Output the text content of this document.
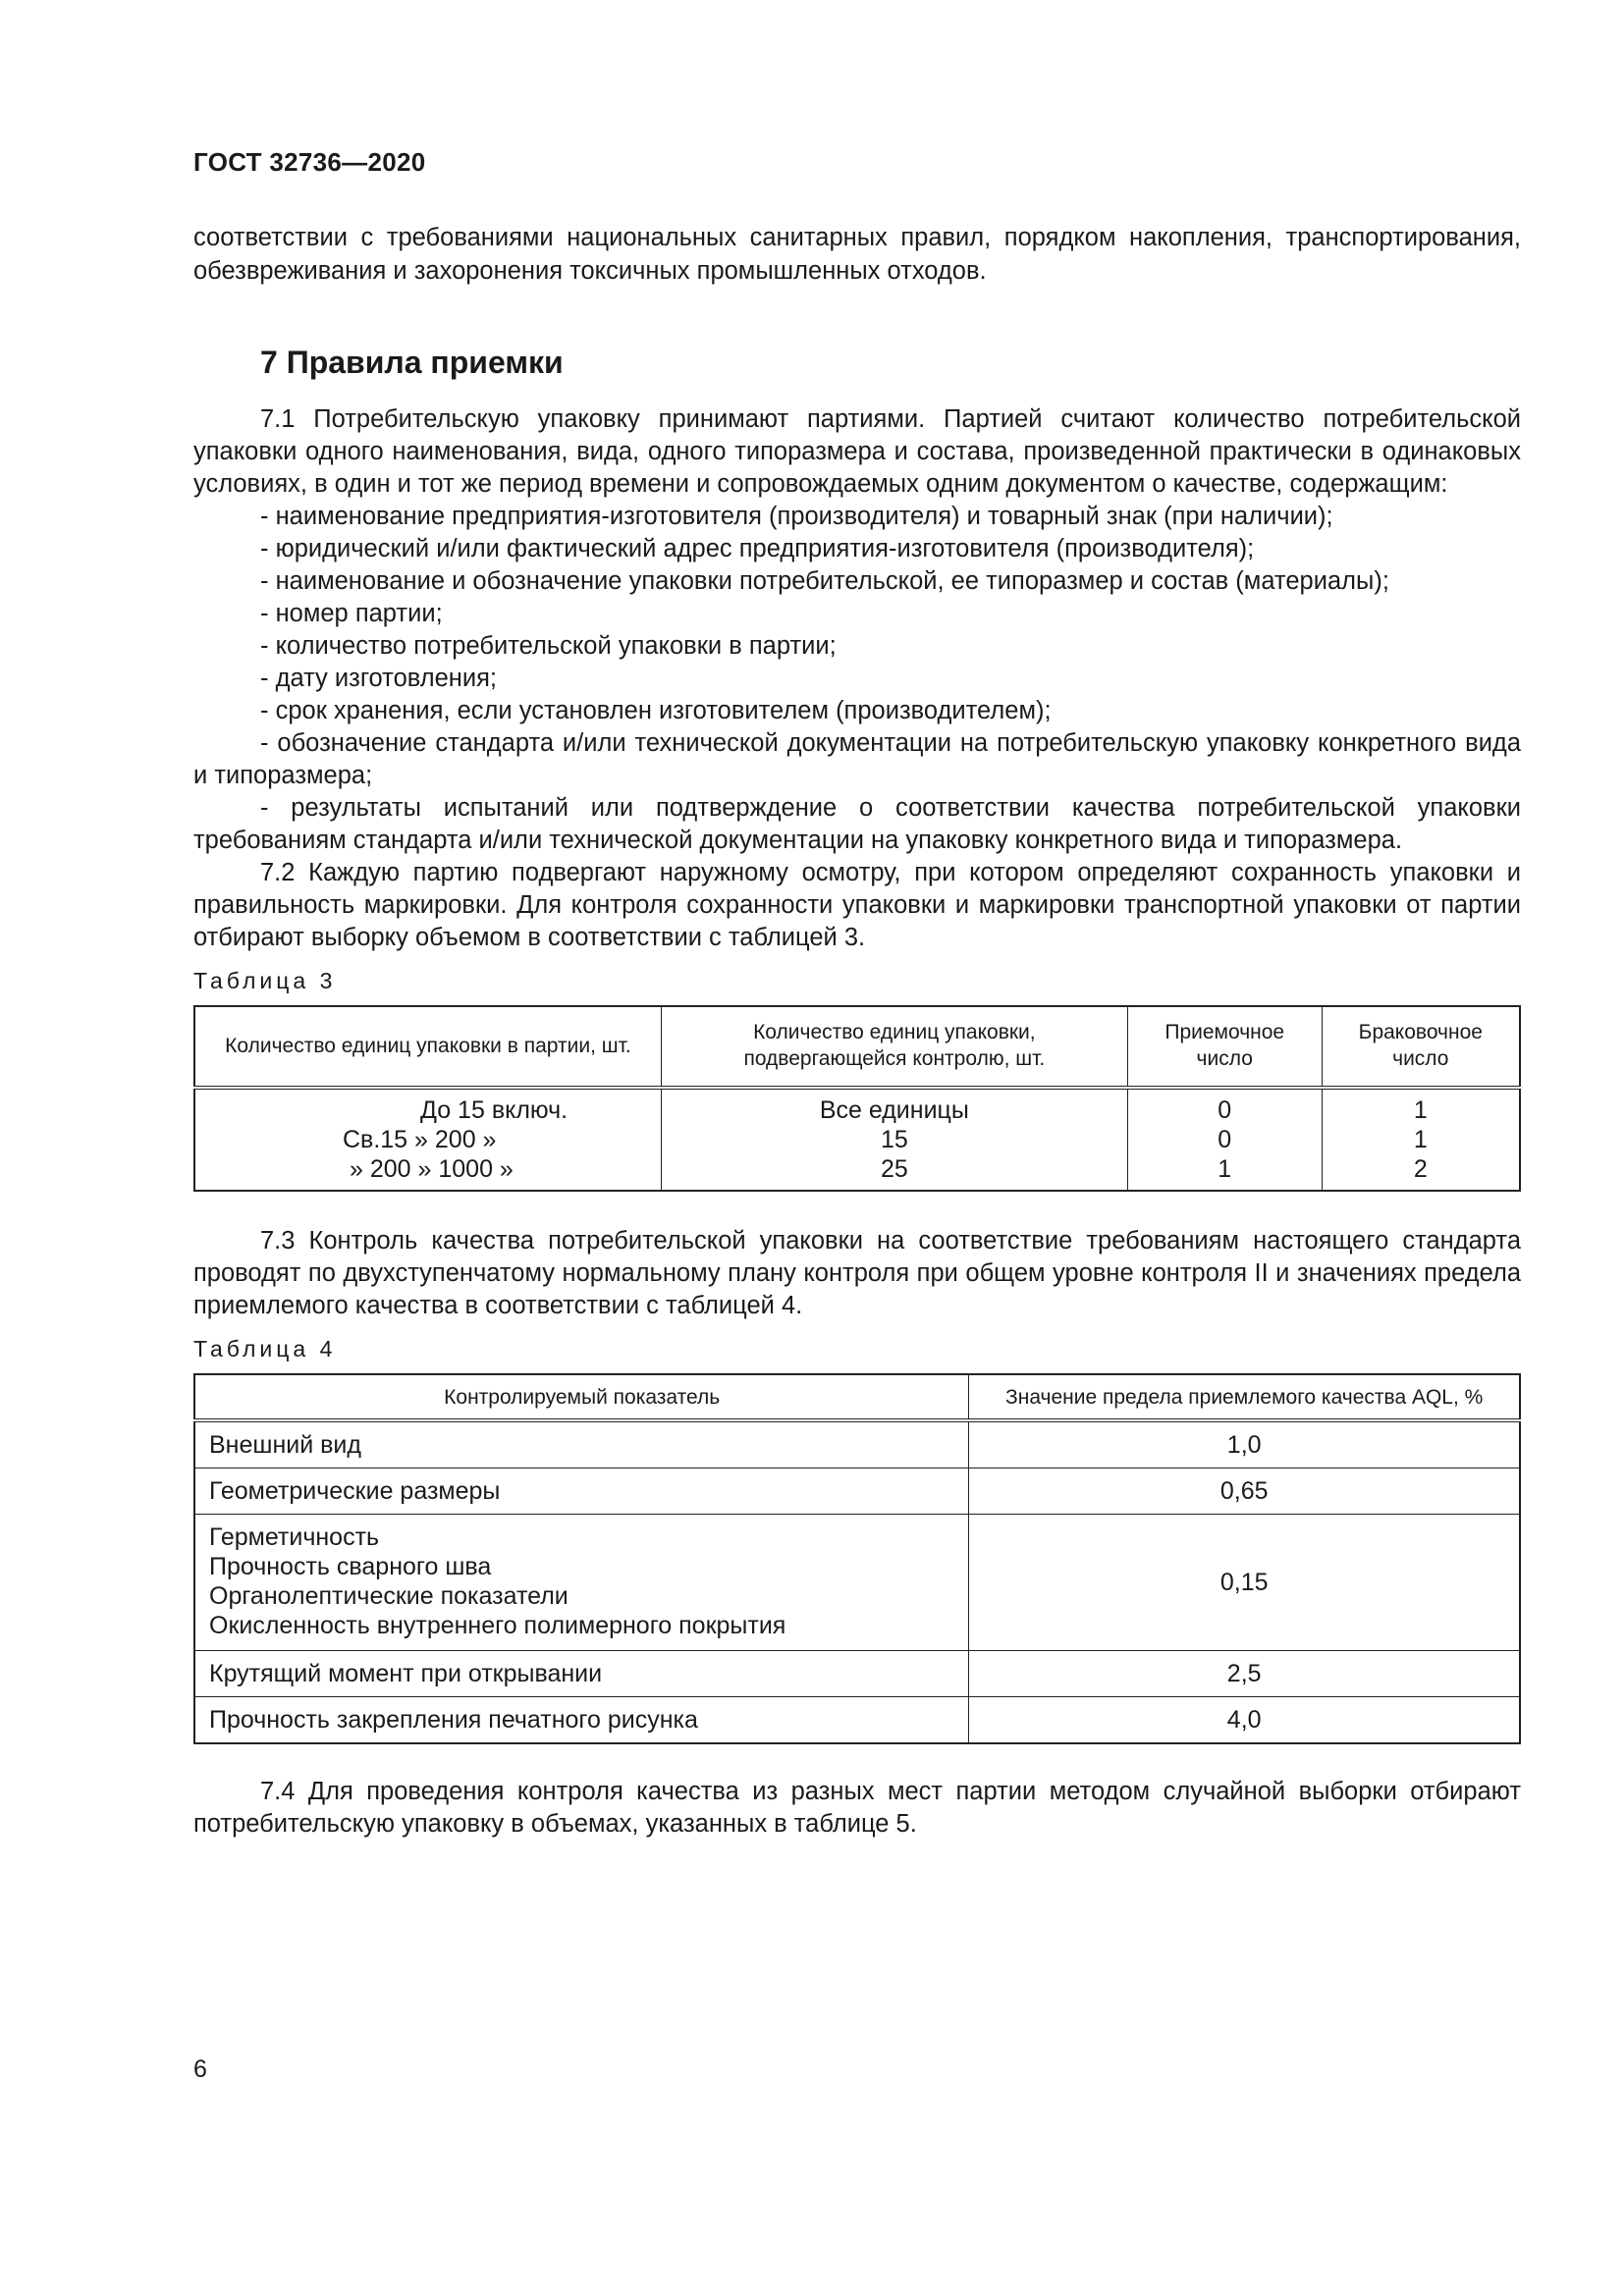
ГОСТ 32736—2020

соответствии с требованиями национальных санитарных правил, порядком накопления, транспортирования, обезвреживания и захоронения токсичных промышленных отходов.

7 Правила приемки

7.1 Потребительскую упаковку принимают партиями. Партией считают количество потребительской упаковки одного наименования, вида, одного типоразмера и состава, произведенной практически в одинаковых условиях, в один и тот же период времени и сопровождаемых одним документом о качестве, содержащим:

- наименование предприятия-изготовителя (производителя) и товарный знак (при наличии);
- юридический и/или фактический адрес предприятия-изготовителя (производителя);
- наименование и обозначение упаковки потребительской, ее типоразмер и состав (материалы);
- номер партии;
- количество потребительской упаковки в партии;
- дату изготовления;
- срок хранения, если установлен изготовителем (производителем);
- обозначение стандарта и/или технической документации на потребительскую упаковку конкретного вида и типоразмера;
- результаты испытаний или подтверждение о соответствии качества потребительской упаковки требованиям стандарта и/или технической документации на упаковку конкретного вида и типоразмера.

7.2 Каждую партию подвергают наружному осмотру, при котором определяют сохранность упаковки и правильность маркировки. Для контроля сохранности упаковки и маркировки транспортной упаковки от партии отбирают выборку объемом в соответствии с таблицей 3.

Таблица 3
Количество единиц упаковки в партии, шт.	Количество единиц упаковки, подвергающейся контролю, шт.	Приемочное число	Браковочное число
До 15 включ.	Все единицы	0	1
Св.15 » 200 »	15	0	1
» 200 » 1000 »	25	1	2

7.3 Контроль качества потребительской упаковки на соответствие требованиям настоящего стандарта проводят по двухступенчатому нормальному плану контроля при общем уровне контроля II и значениях предела приемлемого качества в соответствии с таблицей 4.

Таблица 4
Контролируемый показатель	Значение предела приемлемого качества AQL, %
Внешний вид	1,0
Геометрические размеры	0,65

Герметичность
Прочность сварного шва
Органолептические показатели
Окисленность внутреннего полимерного покрытия	0,15
Крутящий момент при открывании	2,5
Прочность закрепления печатного рисунка	4,0

7.4 Для проведения контроля качества из разных мест партии методом случайной выборки отбирают потребительскую упаковку в объемах, указанных в таблице 5.

6
